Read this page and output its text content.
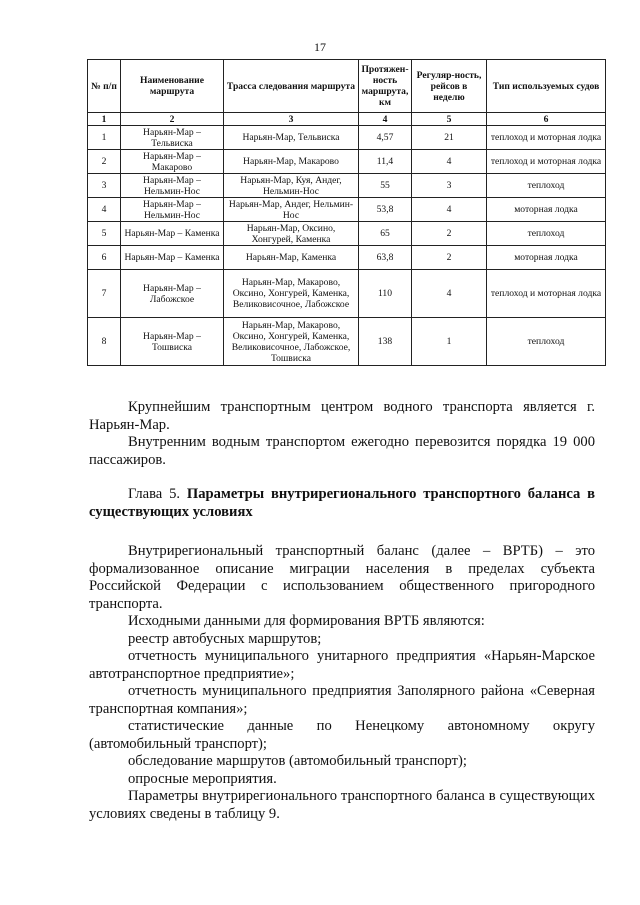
17
№ п/п	Наименование маршрута	Трасса следования маршрута	Протяжен-ность маршрута, км	Регуляр-ность, рейсов в неделю	Тип используемых судов
1	2	3	4	5	6
1	Нарьян-Мар – Тельвиска	Нарьян-Мар, Тельвиска	4,57	21	теплоход и моторная лодка
2	Нарьян-Мар – Макарово	Нарьян-Мар, Макарово	11,4	4	теплоход и моторная лодка
3	Нарьян-Мар – Нельмин-Нос	Нарьян-Мар, Куя, Андег, Нельмин-Нос	55	3	теплоход
4	Нарьян-Мар – Нельмин-Нос	Нарьян-Мар, Андег, Нельмин-Нос	53,8	4	моторная лодка
5	Нарьян-Мар – Каменка	Нарьян-Мар, Оксино, Хонгурей, Каменка	65	2	теплоход
6	Нарьян-Мар – Каменка	Нарьян-Мар, Каменка	63,8	2	моторная лодка
7	Нарьян-Мар – Лабожское	Нарьян-Мар, Макарово, Оксино, Хонгурей, Каменка, Великовисочное, Лабожское	110	4	теплоход и моторная лодка
8	Нарьян-Мар – Тошвиска	Нарьян-Мар, Макарово, Оксино, Хонгурей, Каменка, Великовисочное, Лабожское, Тошвиска	138	1	теплоход

Крупнейшим транспортным центром водного транспорта является г. Нарьян-Мар.

Внутренним водным транспортом ежегодно перевозится порядка 19 000 пассажиров.

Глава 5. Параметры внутрирегионального транспортного баланса в существующих условиях

Внутрирегиональный транспортный баланс (далее – ВРТБ) – это формализованное описание миграции населения в пределах субъекта Российской Федерации с использованием общественного пригородного транспорта.

Исходными данными для формирования ВРТБ являются:

реестр автобусных маршрутов;

отчетность муниципального унитарного предприятия «Нарьян-Марское автотранспортное предприятие»;

отчетность муниципального предприятия Заполярного района «Северная транспортная компания»;

статистические данные по Ненецкому автономному округу (автомобильный транспорт);

обследование маршрутов (автомобильный транспорт);

опросные мероприятия.

Параметры внутрирегионального транспортного баланса в существующих условиях сведены в таблицу 9.
